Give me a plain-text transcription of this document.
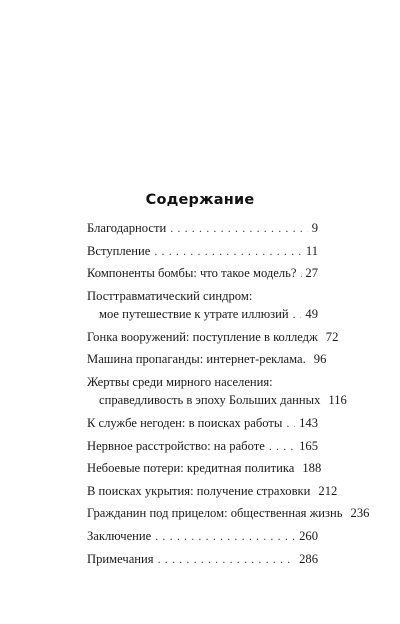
Содержание
Благодарности . . .	9
Вступление . . .	11
Компоненты бомбы: что такое модель? . . . 27
Посттравматический синдром:
мое путешествие к утрате иллюзий . . . 49
Гонка вооружений: поступление в колледж 72
Машина пропаганды: интернет-реклама. 96
Жертвы среди мирного населения:
справедливость в эпоху Больших данных 116
К службе негоден: в поисках работы . . . 143
Нервное расстройство: на работе . . .	165
Небоевые потери: кредитная политика 188
В поисках укрытия: получение страховки 212
Гражданин под прицелом: общественная жизнь 236
Заключение . . .	260
Примечания . . .	286
